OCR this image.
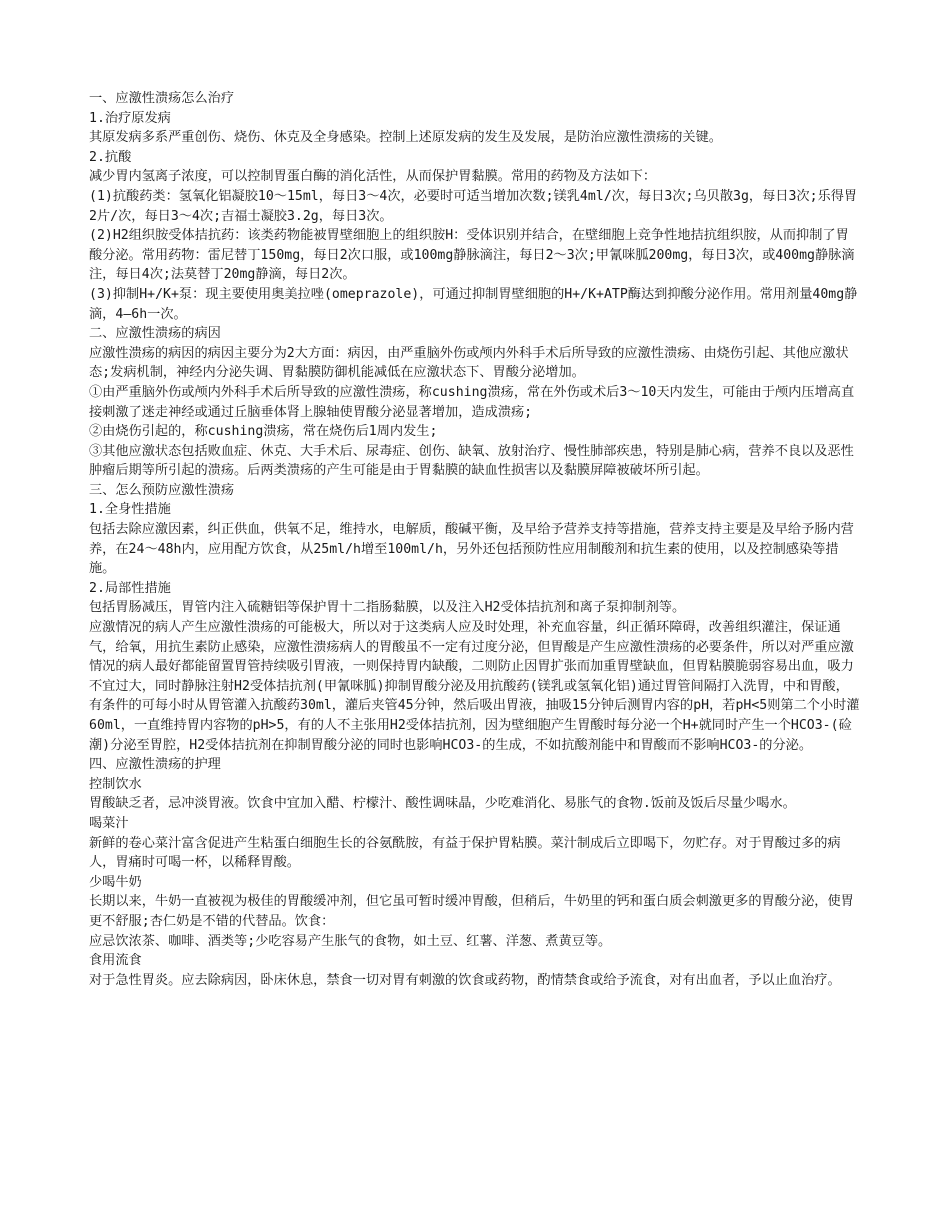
一、应激性溃疡怎么治疗

1.治疗原发病

其原发病多系严重创伤、烧伤、休克及全身感染。控制上述原发病的发生及发展，是防治应激性溃疡的关键。

2.抗酸

减少胃内氢离子浓度，可以控制胃蛋白酶的消化活性，从而保护胃黏膜。常用的药物及方法如下：

(1)抗酸药类：氢氧化铝凝胶10～15ml，每日3～4次，必要时可适当增加次数;镁乳4ml/次，每日3次;乌贝散3g，每日3次;乐得胃2片/次，每日3～4次;吉福士凝胶3.2g，每日3次。

(2)H2组织胺受体拮抗药：该类药物能被胃壁细胞上的组织胺H：受体识别并结合，在壁细胞上竞争性地拮抗组织胺，从而抑制了胃酸分泌。常用药物：雷尼替丁150mg，每日2次口服，或100mg静脉滴注，每日2～3次;甲氰咪胍200mg，每日3次，或400mg静脉滴注，每日4次;法莫替丁20mg静滴，每日2次。

(3)抑制H+/K+泵：现主要使用奥美拉唑(omeprazole)，可通过抑制胃壁细胞的H+/K+ATP酶达到抑酸分泌作用。常用剂量40mg静滴，4—6h一次。

二、应激性溃疡的病因

应激性溃疡的病因的病因主要分为2大方面：病因，由严重脑外伤或颅内外科手术后所导致的应激性溃疡、由烧伤引起、其他应激状态;发病机制，神经内分泌失调、胃黏膜防御机能减低在应激状态下、胃酸分泌增加。

①由严重脑外伤或颅内外科手术后所导致的应激性溃疡，称cushing溃疡，常在外伤或术后3～10天内发生，可能由于颅内压增高直接刺激了迷走神经或通过丘脑垂体肾上腺轴使胃酸分泌显著增加，造成溃疡;

②由烧伤引起的，称cushing溃疡，常在烧伤后1周内发生;

③其他应激状态包括败血症、休克、大手术后、尿毒症、创伤、缺氧、放射治疗、慢性肺部疾患，特别是肺心病，营养不良以及恶性肿瘤后期等所引起的溃疡。后两类溃疡的产生可能是由于胃黏膜的缺血性损害以及黏膜屏障被破坏所引起。

三、怎么预防应激性溃疡

1.全身性措施

包括去除应激因素，纠正供血，供氧不足，维持水，电解质，酸碱平衡，及早给予营养支持等措施，营养支持主要是及早给予肠内营养，在24～48h内，应用配方饮食，从25ml/h增至100ml/h，另外还包括预防性应用制酸剂和抗生素的使用，以及控制感染等措施。

2.局部性措施

包括胃肠减压，胃管内注入硫糖铝等保护胃十二指肠黏膜，以及注入H2受体拮抗剂和离子泵抑制剂等。

应激情况的病人产生应激性溃疡的可能极大，所以对于这类病人应及时处理，补充血容量，纠正循环障碍，改善组织灌注，保证通气，给氧，用抗生素防止感染，应激性溃疡病人的胃酸虽不一定有过度分泌，但胃酸是产生应激性溃疡的必要条件，所以对严重应激情况的病人最好都能留置胃管持续吸引胃液，一则保持胃内缺酸，二则防止因胃扩张而加重胃壁缺血，但胃粘膜脆弱容易出血，吸力不宜过大，同时静脉注射H2受体拮抗剂(甲氰咪胍)抑制胃酸分泌及用抗酸药(镁乳或氢氧化铝)通过胃管间隔打入洗胃，中和胃酸，有条件的可每小时从胃管灌入抗酸药30ml，灌后夹管45分钟，然后吸出胃液，抽吸15分钟后测胃内容的pH，若pH<5则第二个小时灌60ml，一直维持胃内容物的pH>5，有的人不主张用H2受体拮抗剂，因为壁细胞产生胃酸时每分泌一个H+就同时产生一个HCO3-(硷潮)分泌至胃腔，H2受体拮抗剂在抑制胃酸分泌的同时也影响HCO3-的生成，不如抗酸剂能中和胃酸而不影响HCO3-的分泌。

四、应激性溃疡的护理

控制饮水

胃酸缺乏者，忌冲淡胃液。饮食中宜加入醋、柠檬汁、酸性调味晶，少吃难消化、易胀气的食物.饭前及饭后尽量少喝水。

喝菜汁

新鲜的卷心菜汁富含促进产生粘蛋白细胞生长的谷氨酰胺，有益于保护胃粘膜。菜汁制成后立即喝下，勿贮存。对于胃酸过多的病人，胃痛时可喝一杯，以稀释胃酸。

少喝牛奶

长期以来，牛奶一直被视为极佳的胃酸缓冲剂，但它虽可暂时缓冲胃酸，但稍后，牛奶里的钙和蛋白质会刺激更多的胃酸分泌，使胃更不舒服;杏仁奶是不错的代替品。饮食：

应忌饮浓茶、咖啡、酒类等;少吃容易产生胀气的食物，如土豆、红薯、洋葱、煮黄豆等。

食用流食

对于急性胃炎。应去除病因，卧床休息，禁食一切对胃有刺激的饮食或药物，酌情禁食或给予流食，对有出血者，予以止血治疗。
